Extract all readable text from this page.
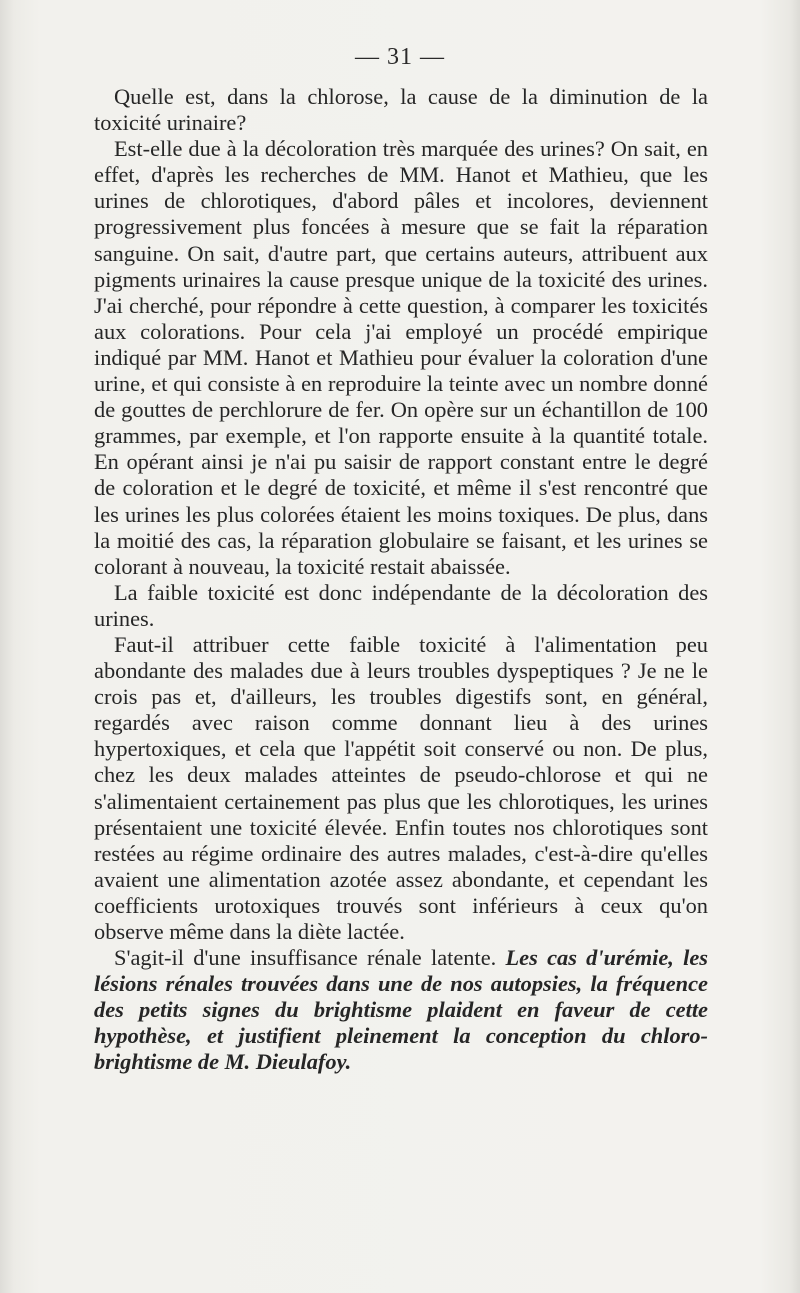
— 31 —

Quelle est, dans la chlorose, la cause de la diminution de la toxicité urinaire?

Est-elle due à la décoloration très marquée des urines? On sait, en effet, d'après les recherches de MM. Hanot et Mathieu, que les urines de chlorotiques, d'abord pâles et incolores, deviennent progressivement plus foncées à mesure que se fait la réparation sanguine. On sait, d'autre part, que certains auteurs, attribuent aux pigments urinaires la cause presque unique de la toxicité des urines. J'ai cherché, pour répondre à cette question, à comparer les toxicités aux colorations. Pour cela j'ai employé un procédé empirique indiqué par MM. Hanot et Mathieu pour évaluer la coloration d'une urine, et qui consiste à en reproduire la teinte avec un nombre donné de gouttes de perchlorure de fer. On opère sur un échantillon de 100 grammes, par exemple, et l'on rapporte ensuite à la quantité totale. En opérant ainsi je n'ai pu saisir de rapport constant entre le degré de coloration et le degré de toxicité, et même il s'est rencontré que les urines les plus colorées étaient les moins toxiques. De plus, dans la moitié des cas, la réparation globulaire se faisant, et les urines se colorant à nouveau, la toxicité restait abaissée.

La faible toxicité est donc indépendante de la décoloration des urines.

Faut-il attribuer cette faible toxicité à l'alimentation peu abondante des malades due à leurs troubles dyspeptiques ? Je ne le crois pas et, d'ailleurs, les troubles digestifs sont, en général, regardés avec raison comme donnant lieu à des urines hypertoxiques, et cela que l'appétit soit conservé ou non. De plus, chez les deux malades atteintes de pseudo-chlorose et qui ne s'alimentaient certainement pas plus que les chlorotiques, les urines présentaient une toxicité élevée. Enfin toutes nos chlorotiques sont restées au régime ordinaire des autres malades, c'est-à-dire qu'elles avaient une alimentation azotée assez abondante, et cependant les coefficients urotoxiques trouvés sont inférieurs à ceux qu'on observe même dans la diète lactée.

S'agit-il d'une insuffisance rénale latente. Les cas d'urémie, les lésions rénales trouvées dans une de nos autopsies, la fréquence des petits signes du brightisme plaident en faveur de cette hypothèse, et justifient pleinement la conception du chloro-brightisme de M. Dieulafoy.
